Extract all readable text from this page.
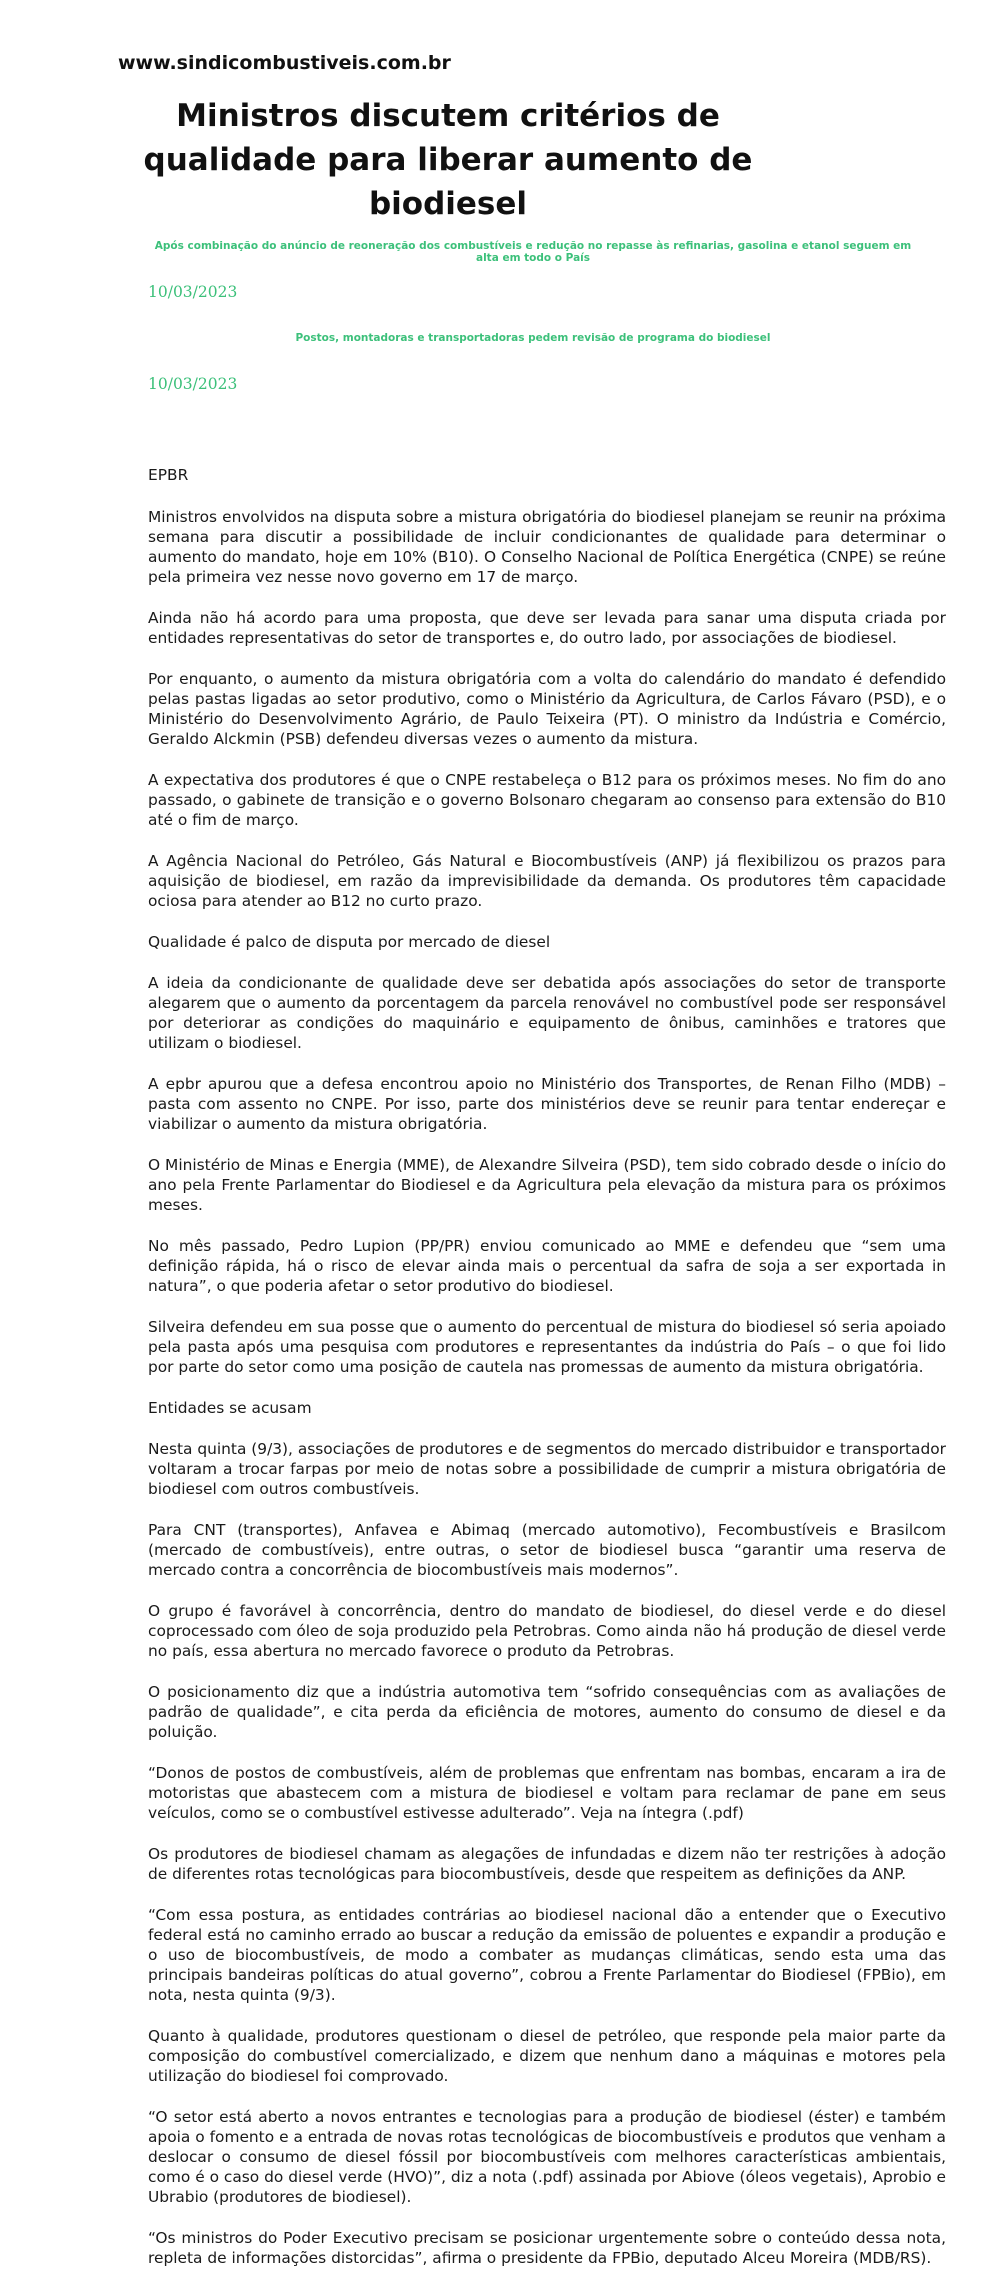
www.sindicombustiveis.com.br
Ministros discutem critérios de qualidade para liberar aumento de biodiesel
Após combinação do anúncio de reoneração dos combustíveis e redução no repasse às refinarias, gasolina e etanol seguem em alta em todo o País
10/03/2023
Postos, montadoras e transportadoras pedem revisão de programa do biodiesel
10/03/2023

EPBR

Ministros envolvidos na disputa sobre a mistura obrigatória do biodiesel planejam se reunir na próxima semana para discutir a possibilidade de incluir condicionantes de qualidade para determinar o aumento do mandato, hoje em 10% (B10). O Conselho Nacional de Política Energética (CNPE) se reúne pela primeira vez nesse novo governo em 17 de março.

Ainda não há acordo para uma proposta, que deve ser levada para sanar uma disputa criada por entidades representativas do setor de transportes e, do outro lado, por associações de biodiesel.

Por enquanto, o aumento da mistura obrigatória com a volta do calendário do mandato é defendido pelas pastas ligadas ao setor produtivo, como o Ministério da Agricultura, de Carlos Fávaro (PSD), e o Ministério do Desenvolvimento Agrário, de Paulo Teixeira (PT). O ministro da Indústria e Comércio, Geraldo Alckmin (PSB) defendeu diversas vezes o aumento da mistura.

A expectativa dos produtores é que o CNPE restabeleça o B12 para os próximos meses. No fim do ano passado, o gabinete de transição e o governo Bolsonaro chegaram ao consenso para extensão do B10 até o fim de março.

A Agência Nacional do Petróleo, Gás Natural e Biocombustíveis (ANP) já flexibilizou os prazos para aquisição de biodiesel, em razão da imprevisibilidade da demanda. Os produtores têm capacidade ociosa para atender ao B12 no curto prazo.

Qualidade é palco de disputa por mercado de diesel

A ideia da condicionante de qualidade deve ser debatida após associações do setor de transporte alegarem que o aumento da porcentagem da parcela renovável no combustível pode ser responsável por deteriorar as condições do maquinário e equipamento de ônibus, caminhões e tratores que utilizam o biodiesel.

A epbr apurou que a defesa encontrou apoio no Ministério dos Transportes, de Renan Filho (MDB) – pasta com assento no CNPE. Por isso, parte dos ministérios deve se reunir para tentar endereçar e viabilizar o aumento da mistura obrigatória.

O Ministério de Minas e Energia (MME), de Alexandre Silveira (PSD), tem sido cobrado desde o início do ano pela Frente Parlamentar do Biodiesel e da Agricultura pela elevação da mistura para os próximos meses.

No mês passado, Pedro Lupion (PP/PR) enviou comunicado ao MME e defendeu que “sem uma definição rápida, há o risco de elevar ainda mais o percentual da safra de soja a ser exportada in natura”, o que poderia afetar o setor produtivo do biodiesel.

Silveira defendeu em sua posse que o aumento do percentual de mistura do biodiesel só seria apoiado pela pasta após uma pesquisa com produtores e representantes da indústria do País – o que foi lido por parte do setor como uma posição de cautela nas promessas de aumento da mistura obrigatória.

Entidades se acusam

Nesta quinta (9/3), associações de produtores e de segmentos do mercado distribuidor e transportador voltaram a trocar farpas por meio de notas sobre a possibilidade de cumprir a mistura obrigatória de biodiesel com outros combustíveis.

Para CNT (transportes), Anfavea e Abimaq (mercado automotivo), Fecombustíveis e Brasilcom (mercado de combustíveis), entre outras, o setor de biodiesel busca “garantir uma reserva de mercado contra a concorrência de biocombustíveis mais modernos”.

O grupo é favorável à concorrência, dentro do mandato de biodiesel, do diesel verde e do diesel coprocessado com óleo de soja produzido pela Petrobras. Como ainda não há produção de diesel verde no país, essa abertura no mercado favorece o produto da Petrobras.

O posicionamento diz que a indústria automotiva tem “sofrido consequências com as avaliações de padrão de qualidade”, e cita perda da eficiência de motores, aumento do consumo de diesel e da poluição.

“Donos de postos de combustíveis, além de problemas que enfrentam nas bombas, encaram a ira de motoristas que abastecem com a mistura de biodiesel e voltam para reclamar de pane em seus veículos, como se o combustível estivesse adulterado”. Veja na íntegra (.pdf)

Os produtores de biodiesel chamam as alegações de infundadas e dizem não ter restrições à adoção de diferentes rotas tecnológicas para biocombustíveis, desde que respeitem as definições da ANP.

“Com essa postura, as entidades contrárias ao biodiesel nacional dão a entender que o Executivo federal está no caminho errado ao buscar a redução da emissão de poluentes e expandir a produção e o uso de biocombustíveis, de modo a combater as mudanças climáticas, sendo esta uma das principais bandeiras políticas do atual governo”, cobrou a Frente Parlamentar do Biodiesel (FPBio), em nota, nesta quinta (9/3).

Quanto à qualidade, produtores questionam o diesel de petróleo, que responde pela maior parte da composição do combustível comercializado, e dizem que nenhum dano a máquinas e motores pela utilização do biodiesel foi comprovado.

“O setor está aberto a novos entrantes e tecnologias para a produção de biodiesel (éster) e também apoia o fomento e a entrada de novas rotas tecnológicas de biocombustíveis e produtos que venham a deslocar o consumo de diesel fóssil por biocombustíveis com melhores características ambientais, como é o caso do diesel verde (HVO)”, diz a nota (.pdf) assinada por Abiove (óleos vegetais), Aprobio e Ubrabio (produtores de biodiesel).

“Os ministros do Poder Executivo precisam se posicionar urgentemente sobre o conteúdo dessa nota, repleta de informações distorcidas”, afirma o presidente da FPBio, deputado Alceu Moreira (MDB/RS).
